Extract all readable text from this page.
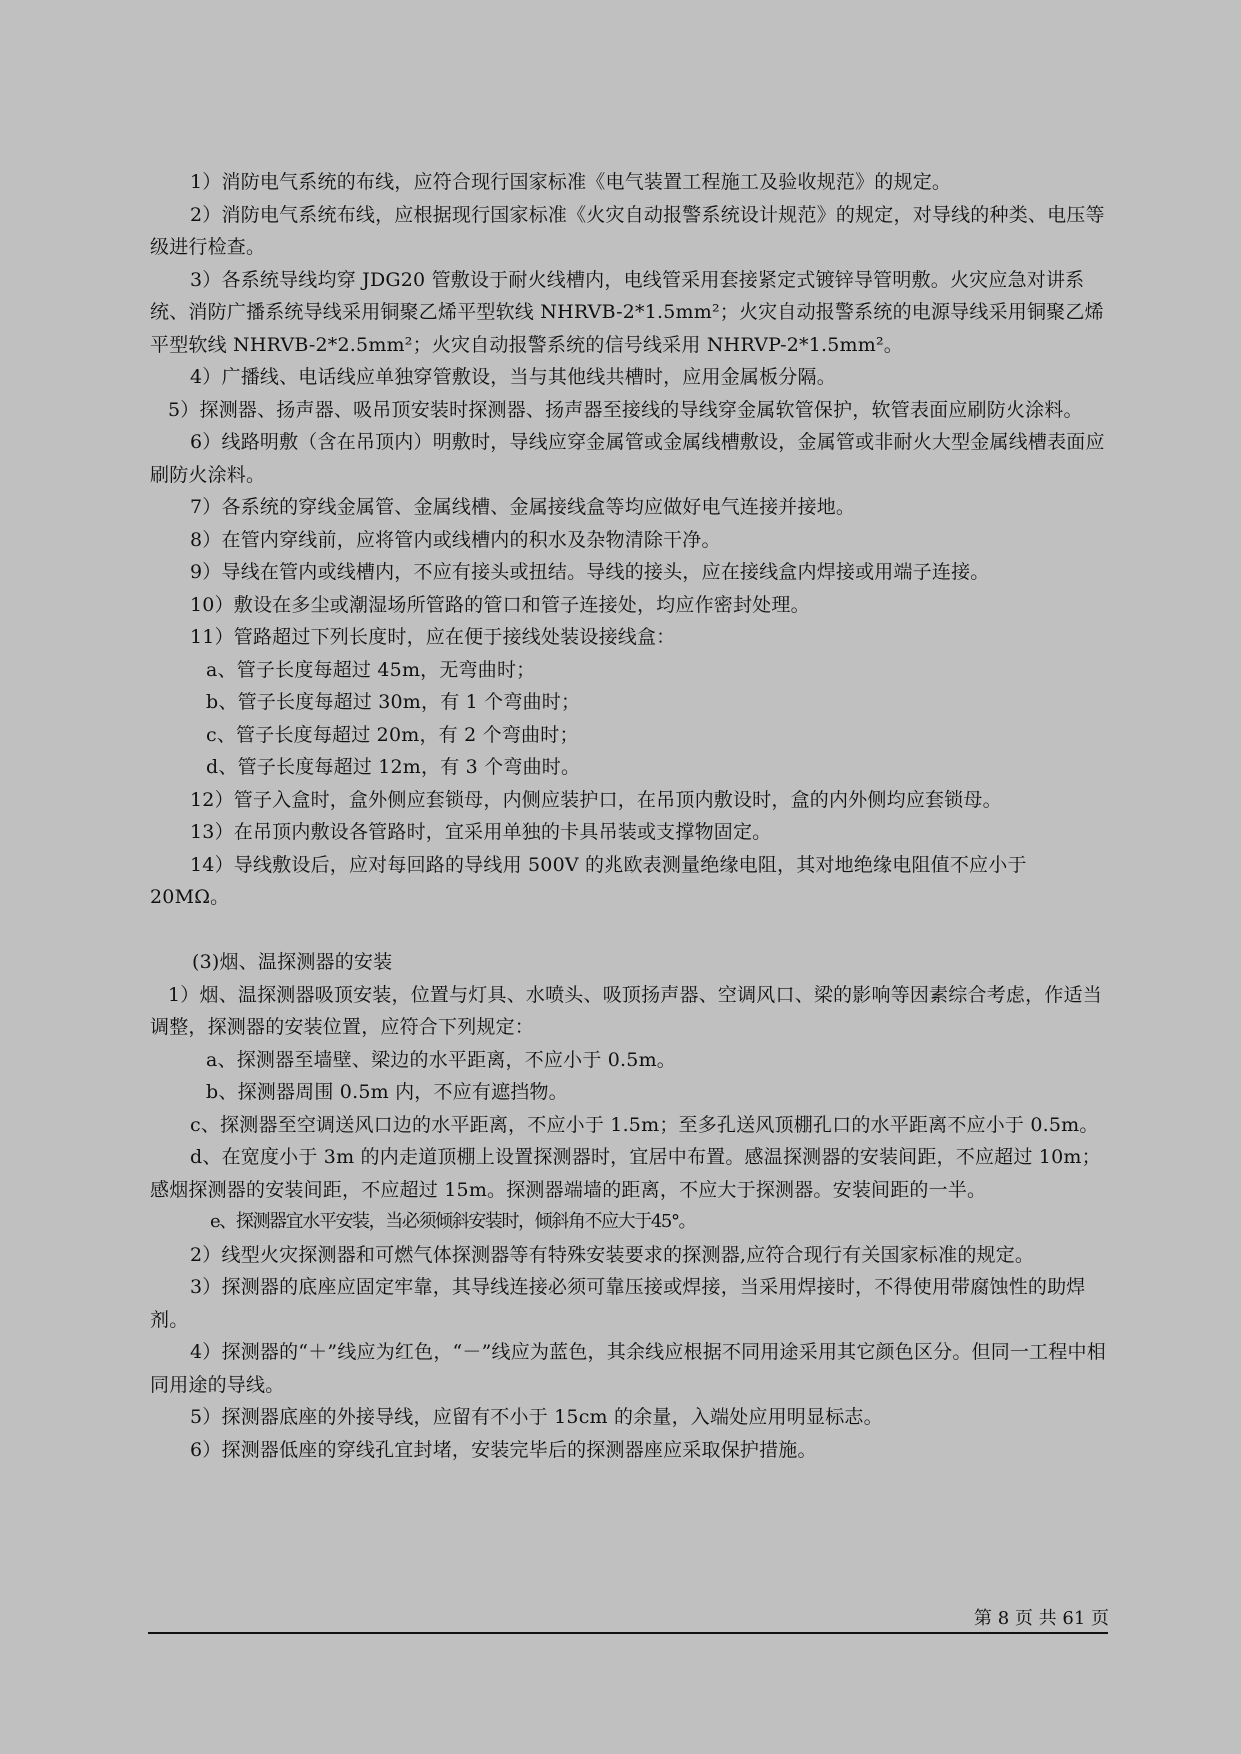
1）消防电气系统的布线，应符合现行国家标准《电气装置工程施工及验收规范》的规定。

2）消防电气系统布线，应根据现行国家标准《火灾自动报警系统设计规范》的规定，对导线的种类、电压等级进行检查。

3）各系统导线均穿 JDG20 管敷设于耐火线槽内，电线管采用套接紧定式镀锌导管明敷。火灾应急对讲系统、消防广播系统导线采用铜聚乙烯平型软线 NHRVB-2*1.5mm²；火灾自动报警系统的电源导线采用铜聚乙烯平型软线 NHRVB-2*2.5mm²；火灾自动报警系统的信号线采用 NHRVP-2*1.5mm²。

4）广播线、电话线应单独穿管敷设，当与其他线共槽时，应用金属板分隔。

5）探测器、扬声器、吸吊顶安装时探测器、扬声器至接线的导线穿金属软管保护，软管表面应刷防火涂料。

6）线路明敷（含在吊顶内）明敷时，导线应穿金属管或金属线槽敷设，金属管或非耐火大型金属线槽表面应刷防火涂料。

7）各系统的穿线金属管、金属线槽、金属接线盒等均应做好电气连接并接地。

8）在管内穿线前，应将管内或线槽内的积水及杂物清除干净。

9）导线在管内或线槽内，不应有接头或扭结。导线的接头，应在接线盒内焊接或用端子连接。

10）敷设在多尘或潮湿场所管路的管口和管子连接处，均应作密封处理。

11）管路超过下列长度时，应在便于接线处装设接线盒：

a、管子长度每超过 45m，无弯曲时；

b、管子长度每超过 30m，有 1 个弯曲时；

c、管子长度每超过 20m，有 2 个弯曲时；

d、管子长度每超过 12m，有 3 个弯曲时。

12）管子入盒时，盒外侧应套锁母，内侧应装护口，在吊顶内敷设时，盒的内外侧均应套锁母。

13）在吊顶内敷设各管路时，宜采用单独的卡具吊装或支撑物固定。

14）导线敷设后，应对每回路的导线用 500V 的兆欧表测量绝缘电阻，其对地绝缘电阻值不应小于 20MΩ。

(3)烟、温探测器的安装

1）烟、温探测器吸顶安装，位置与灯具、水喷头、吸顶扬声器、空调风口、梁的影响等因素综合考虑，作适当调整，探测器的安装位置，应符合下列规定：

a、探测器至墙壁、梁边的水平距离，不应小于 0.5m。

b、探测器周围 0.5m 内，不应有遮挡物。

c、探测器至空调送风口边的水平距离，不应小于 1.5m；至多孔送风顶棚孔口的水平距离不应小于 0.5m。

d、在宽度小于 3m 的内走道顶棚上设置探测器时，宜居中布置。感温探测器的安装间距，不应超过 10m；感烟探测器的安装间距，不应超过 15m。探测器端墙的距离，不应大于探测器。安装间距的一半。

e、探测器宜水平安装，当必须倾斜安装时，倾斜角不应大于45°。

2）线型火灾探测器和可燃气体探测器等有特殊安装要求的探测器,应符合现行有关国家标准的规定。

3）探测器的底座应固定牢靠，其导线连接必须可靠压接或焊接，当采用焊接时，不得使用带腐蚀性的助焊剂。

4）探测器的“＋”线应为红色，“－”线应为蓝色，其余线应根据不同用途采用其它颜色区分。但同一工程中相同用途的导线。

5）探测器底座的外接导线，应留有不小于 15cm 的余量，入端处应用明显标志。

6）探测器低座的穿线孔宜封堵，安装完毕后的探测器座应采取保护措施。

第 8 页 共 61 页
